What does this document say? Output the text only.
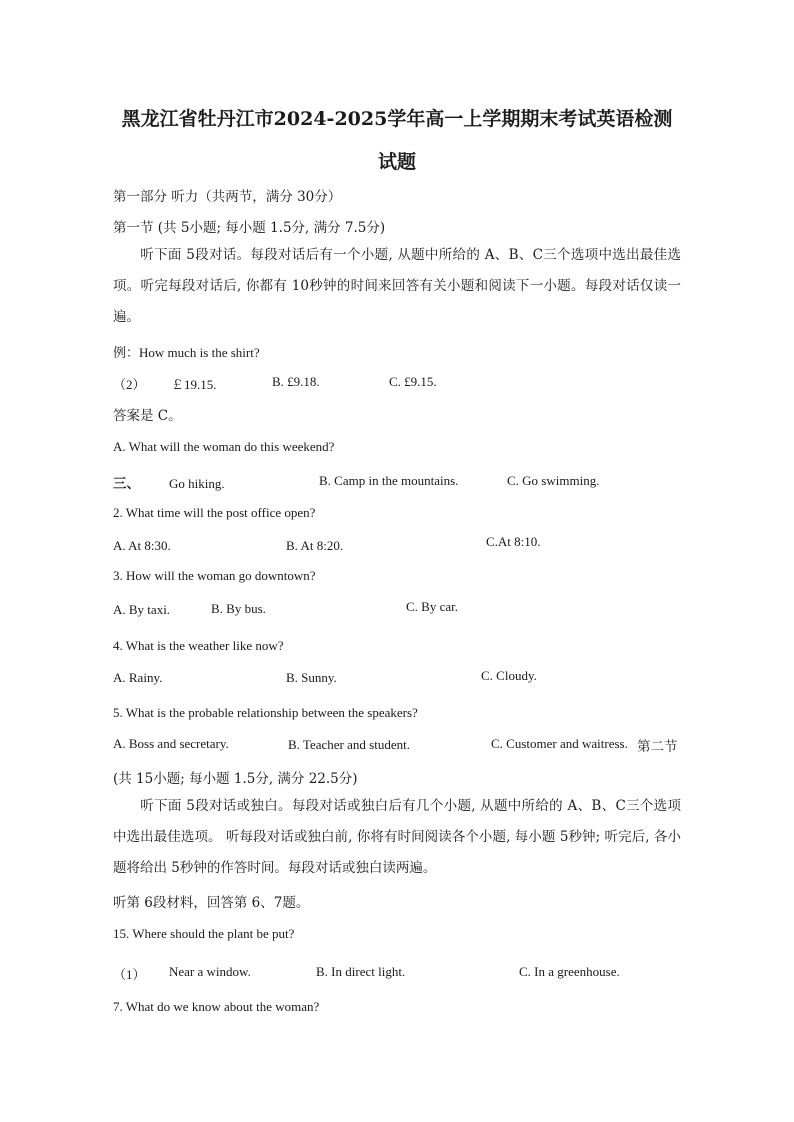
黑龙江省牡丹江市2024-2025学年高一上学期期末考试英语检测
试题
第一部分 听力（共两节，满分 30分）
第一节 (共 5小题; 每小题 1.5分, 满分 7.5分)
听下面 5段对话。每段对话后有一个小题, 从题中所给的 A、B、C三个选项中选出最佳选项。听完每段对话后, 你都有 10秒钟的时间来回答有关小题和阅读下一小题。每段对话仅读一遍。
例：How much is the shirt?
（2） ￡19.15.	B. £9.18.	C. £9.15.
答案是 C。
A. What will the woman do this weekend?
三、 Go hiking.	B. Camp in the mountains.	C. Go swimming.
2. What time will the post office open?
A. At 8:30.	B. At 8:20.	C.At 8:10.
3. How will the woman go downtown?
A. By taxi.	B. By bus.	C. By car.
4. What is the weather like now?
A. Rainy.	B. Sunny.	C. Cloudy.
5. What is the probable relationship between the speakers?
A. Boss and secretary.	B. Teacher and student.	C. Customer and waitress. 第二节
(共 15小题; 每小题 1.5分, 满分 22.5分)
听下面 5段对话或独白。每段对话或独白后有几个小题, 从题中所给的 A、B、C三个选项中选出最佳选项。 听每段对话或独白前, 你将有时间阅读各个小题, 每小题 5秒钟; 听完后, 各小题将给出 5秒钟的作答时间。每段对话或独白读两遍。
听第 6段材料，回答第 6、7题。
15. Where should the plant be put?
（1） Near a window.	B. In direct light.	C. In a greenhouse.
7. What do we know about the woman?
